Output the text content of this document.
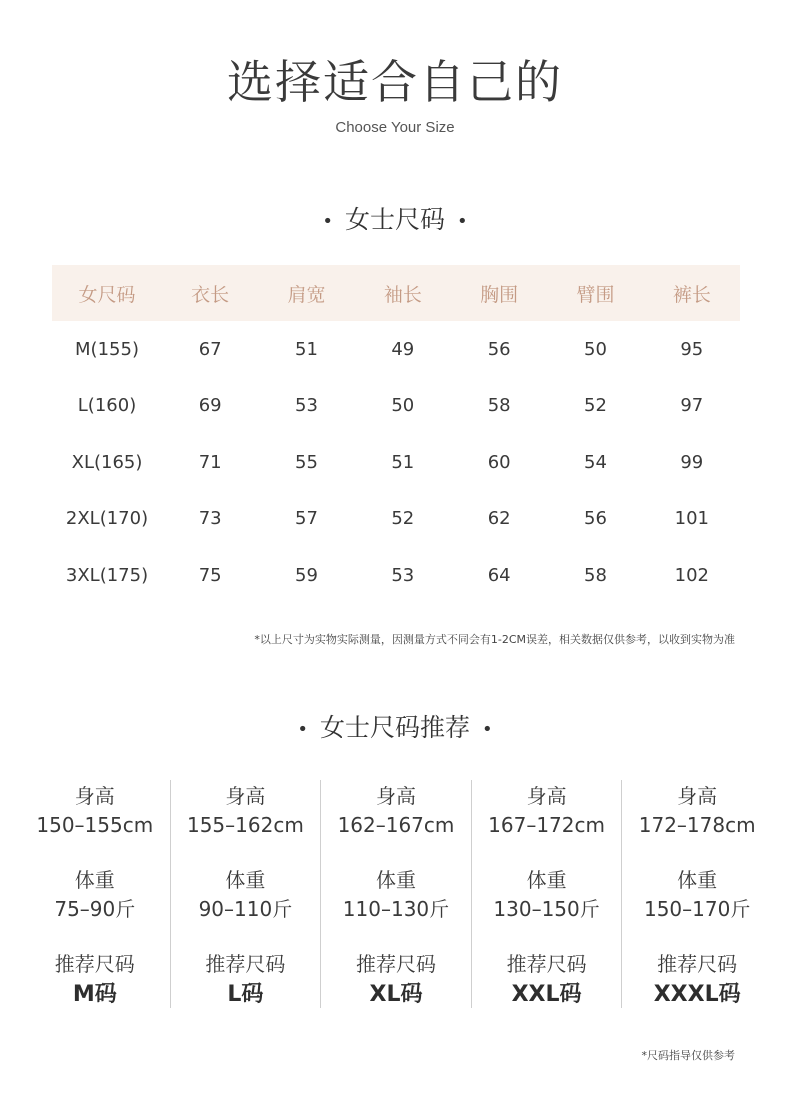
选择适合自己的
Choose Your Size
• 女士尺码 •
女尺码	衣长	肩宽	袖长	胸围	臂围	裤长
M(155)	67	51	49	56	50	95
L(160)	69	53	50	58	52	97
XL(165)	71	55	51	60	54	99
2XL(170)	73	57	52	62	56	101
3XL(175)	75	59	53	64	58	102
*以上尺寸为实物实际测量，因测量方式不同会有1-2CM误差，相关数据仅供参考，以收到实物为准
• 女士尺码推荐 •
身高
150–155cm
体重
75–90斤
推荐尺码
M码
身高
155–162cm
体重
90–110斤
推荐尺码
L码
身高
162–167cm
体重
110–130斤
推荐尺码
XL码
身高
167–172cm
体重
130–150斤
推荐尺码
XXL码
身高
172–178cm
体重
150–170斤
推荐尺码
XXXL码
*尺码指导仅供参考
